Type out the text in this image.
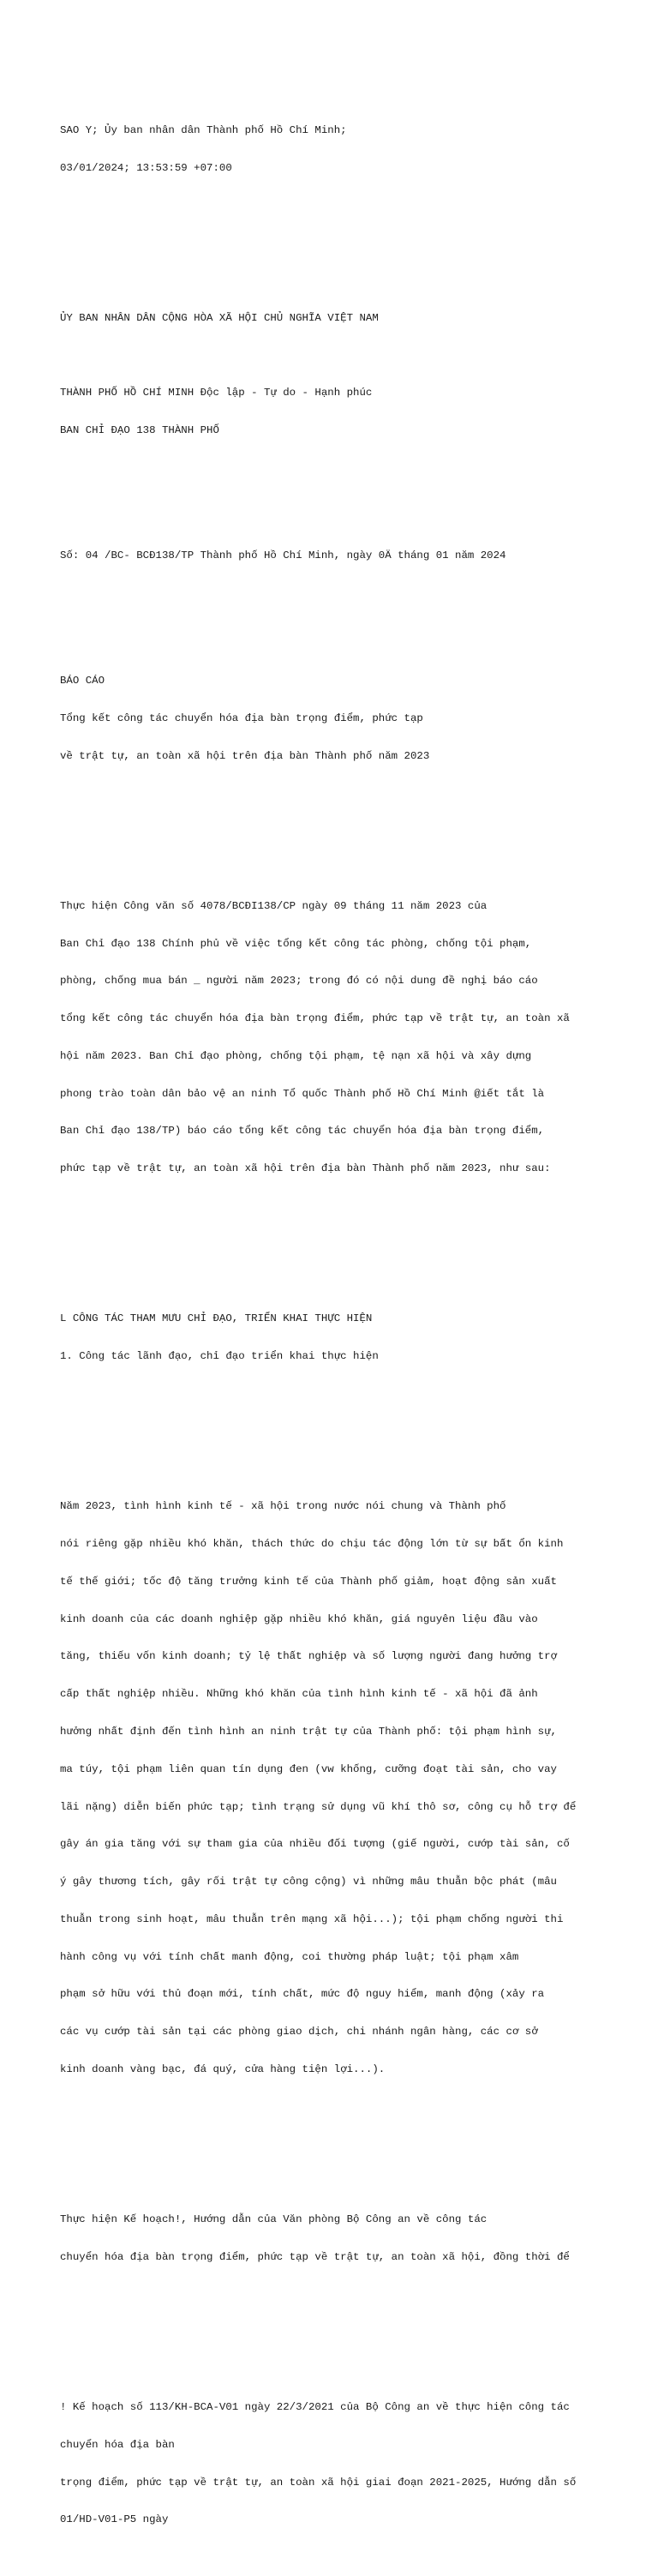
SAO Y; Ủy ban nhân dân Thành phố Hồ Chí Minh;

03/01/2024; 13:53:59 +07:00

ỦY BAN NHÂN DÂN CỘNG HÒA XÃ HỘI CHỦ NGHĨA VIỆT NAM

THÀNH PHỐ HỒ CHÍ MINH Độc lập - Tự do - Hạnh phúc

BAN CHỈ ĐẠO 138 THÀNH PHỐ

Số: 04 /BC- BCĐ138/TP Thành phố Hồ Chí Minh, ngày 0Ä tháng 01 năm 2024

BÁO CÁO

Tổng kết công tác chuyển hóa địa bàn trọng điểm, phức tạp

về trật tự, an toàn xã hội trên địa bàn Thành phố năm 2023

Thực hiện Công văn số 4078/BCĐI138/CP ngày 09 tháng 11 năm 2023 của

Ban Chỉ đạo 138 Chính phủ về việc tổng kết công tác phòng, chống tội phạm,

phòng, chống mua bán _ người năm 2023; trong đó có nội dung đề nghị báo cáo

tổng kết công tác chuyển hóa địa bàn trọng điểm, phức tạp về trật tự, an toàn xã

hội năm 2023. Ban Chỉ đạo phòng, chống tội phạm, tệ nạn xã hội và xây dựng

phong trào toàn dân bảo vệ an ninh Tổ quốc Thành phố Hồ Chí Minh @iết tắt là

Ban Chỉ đạo 138/TP) báo cáo tổng kết công tác chuyển hóa địa bàn trọng điểm,

phức tạp về trật tự, an toàn xã hội trên địa bàn Thành phố năm 2023, như sau:

L CÔNG TÁC THAM MƯU CHỈ ĐẠO, TRIỂN KHAI THỰC HIỆN

1. Công tác lãnh đạo, chỉ đạo triển khai thực hiện

Năm 2023, tình hình kinh tế - xã hội trong nước nói chung và Thành phố

nói riêng gặp nhiều khó khăn, thách thức do chịu tác động lớn từ sự bất ổn kinh

tế thế giới; tốc độ tăng trưởng kinh tế của Thành phố giảm, hoạt động sản xuất

kinh doanh của các doanh nghiệp gặp nhiều khó khăn, giá nguyên liệu đầu vào

tăng, thiếu vốn kinh doanh; tỷ lệ thất nghiệp và số lượng người đang hưởng trợ

cấp thất nghiệp nhiều. Những khó khăn của tình hình kinh tế - xã hội đã ảnh

hưởng nhất định đến tình hình an ninh trật tự của Thành phố: tội phạm hình sự,

ma túy, tội phạm liên quan tín dụng đen (vw khống, cưỡng đoạt tài sản, cho vay

lãi nặng) diễn biến phức tạp; tình trạng sử dụng vũ khí thô sơ, công cụ hỗ trợ để

gây án gia tăng với sự tham gia của nhiều đối tượng (giế người, cướp tài sản, cố

ý gây thương tích, gây rối trật tự công cộng) vì những mâu thuẫn bộc phát (mâu

thuẫn trong sinh hoạt, mâu thuẫn trên mạng xã hội...); tội phạm chống người thi

hành công vụ với tính chất manh động, coi thường pháp luật; tội phạm xâm

phạm sở hữu với thủ đoạn mới, tính chất, mức độ nguy hiểm, manh động (xảy ra

các vụ cướp tài sản tại các phòng giao dịch, chi nhánh ngân hàng, các cơ sở

kinh doanh vàng bạc, đá quý, cửa hàng tiện lợi...).

Thực hiện Kế hoạch!, Hướng dẫn của Văn phòng Bộ Công an về công tác

chuyển hóa địa bàn trọng điểm, phức tạp về trật tự, an toàn xã hội, đồng thời để

! Kế hoạch số 113/KH-BCA-V01 ngày 22/3/2021 của Bộ Công an về thực hiện công tác

chuyển hóa địa bàn

trọng điểm, phức tạp về trật tự, an toàn xã hội giai đoạn 2021-2025, Hướng dẫn số

01/HD-V01-P5 ngày
